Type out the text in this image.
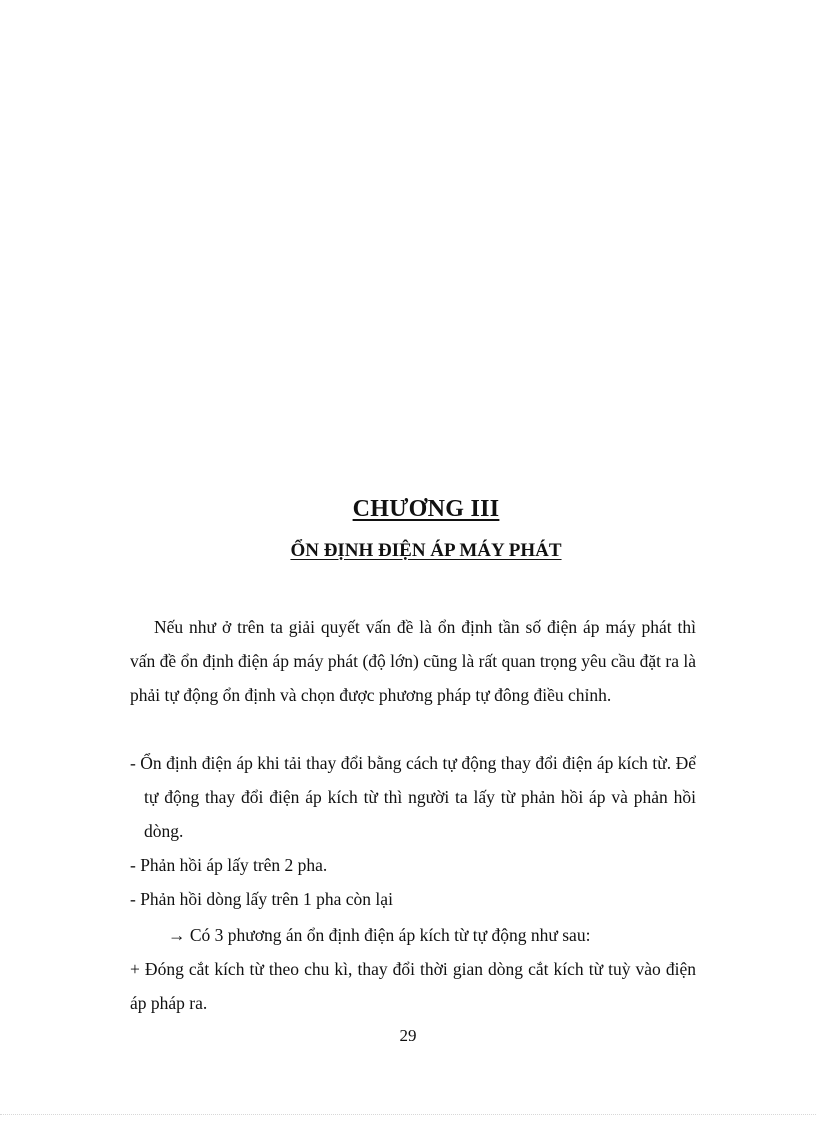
CHƯƠNG III
ỔN ĐỊNH ĐIỆN ÁP MÁY PHÁT
Nếu như ở trên ta giải quyết vấn đề là ổn định tần số điện áp máy phát thì vấn đề ổn định điện áp máy phát (độ lớn) cũng là rất quan trọng yêu cầu đặt ra là phải tự động ổn định và chọn được phương pháp tự đông điều chỉnh.
- Ổn định điện áp khi tải thay đổi bằng cách tự động thay đổi điện áp kích từ. Để tự động thay đổi điện áp kích từ thì người ta lấy từ phản hồi áp và phản hồi dòng.
- Phản hồi áp lấy trên 2 pha.
- Phản hồi dòng lấy trên 1 pha còn lại
→ Có 3 phương án ổn định điện áp kích từ tự động như sau:
+ Đóng cắt kích từ theo chu kì, thay đổi thời gian dòng cắt kích từ tuỳ vào điện áp pháp ra.
29
